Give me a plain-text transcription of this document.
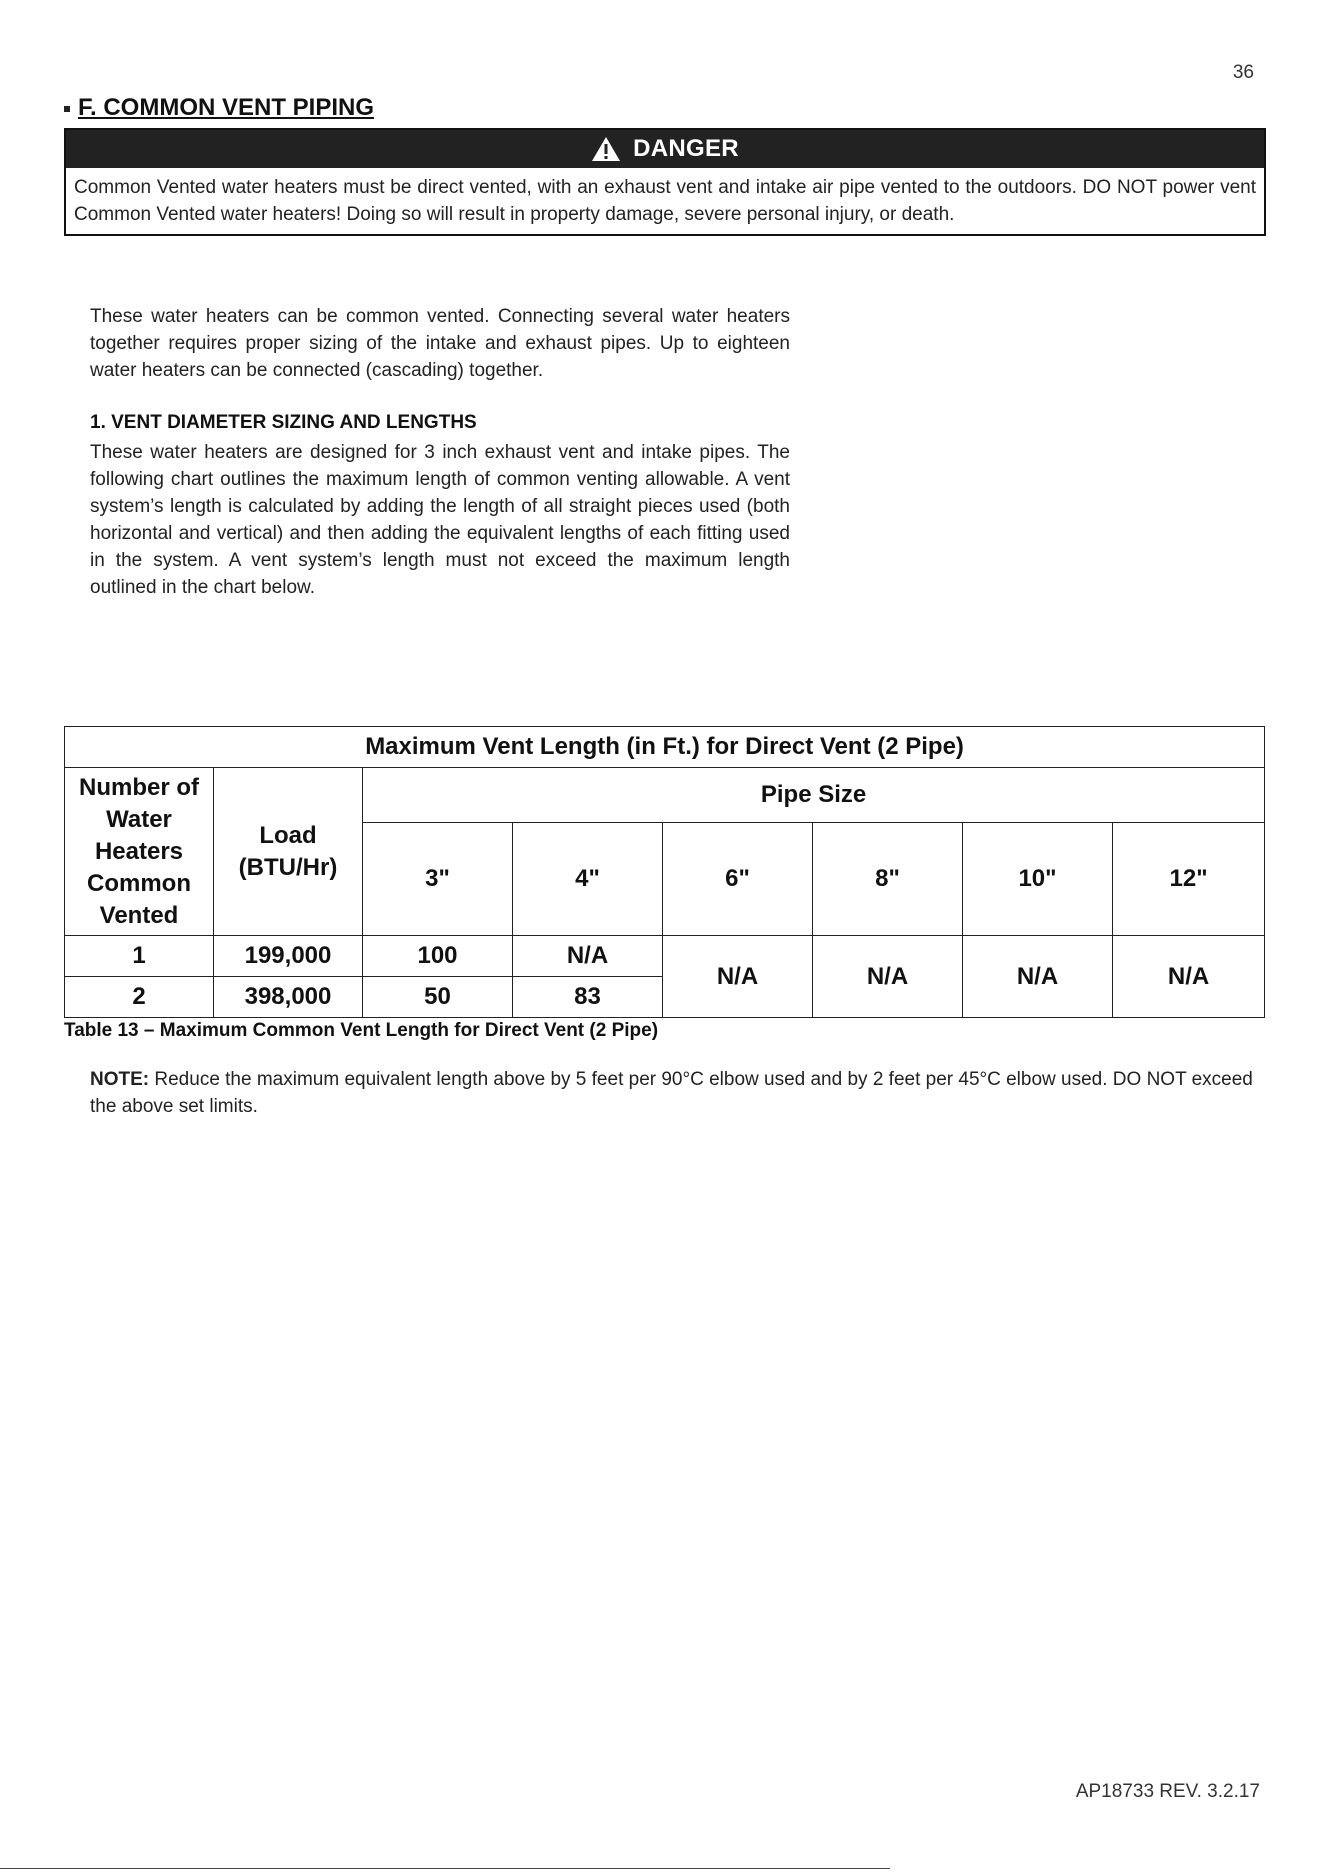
36
F. COMMON VENT PIPING
DANGER
Common Vented water heaters must be direct vented, with an exhaust vent and intake air pipe vented to the outdoors. DO NOT power vent Common Vented water heaters! Doing so will result in property damage, severe personal injury, or death.

These water heaters can be common vented. Connecting several water heaters together requires proper sizing of the intake and exhaust pipes. Up to eighteen water heaters can be connected (cascading) together.

1. VENT DIAMETER SIZING AND LENGTHS

These water heaters are designed for 3 inch exhaust vent and intake pipes. The following chart outlines the maximum length of common venting allowable. A vent system’s length is calculated by adding the length of all straight pieces used (both horizontal and vertical) and then adding the equivalent lengths of each fitting used in the system. A vent system’s length must not exceed the maximum length outlined in the chart below.

Maximum Vent Length (in Ft.) for Direct Vent (2 Pipe)							
Number of Water Heaters Common Vented	Load (BTU/Hr)	Pipe Size					
		3"	4"	6"	8"	10"	12"
1	199,000	100	N/A	N/A	N/A	N/A	N/A
2	398,000	50	83				

Table 13 – Maximum Common Vent Length for Direct Vent (2 Pipe)

NOTE: Reduce the maximum equivalent length above by 5 feet per 90°C elbow used and by 2 feet per 45°C elbow used. DO NOT exceed the above set limits.

AP18733 REV. 3.2.17
